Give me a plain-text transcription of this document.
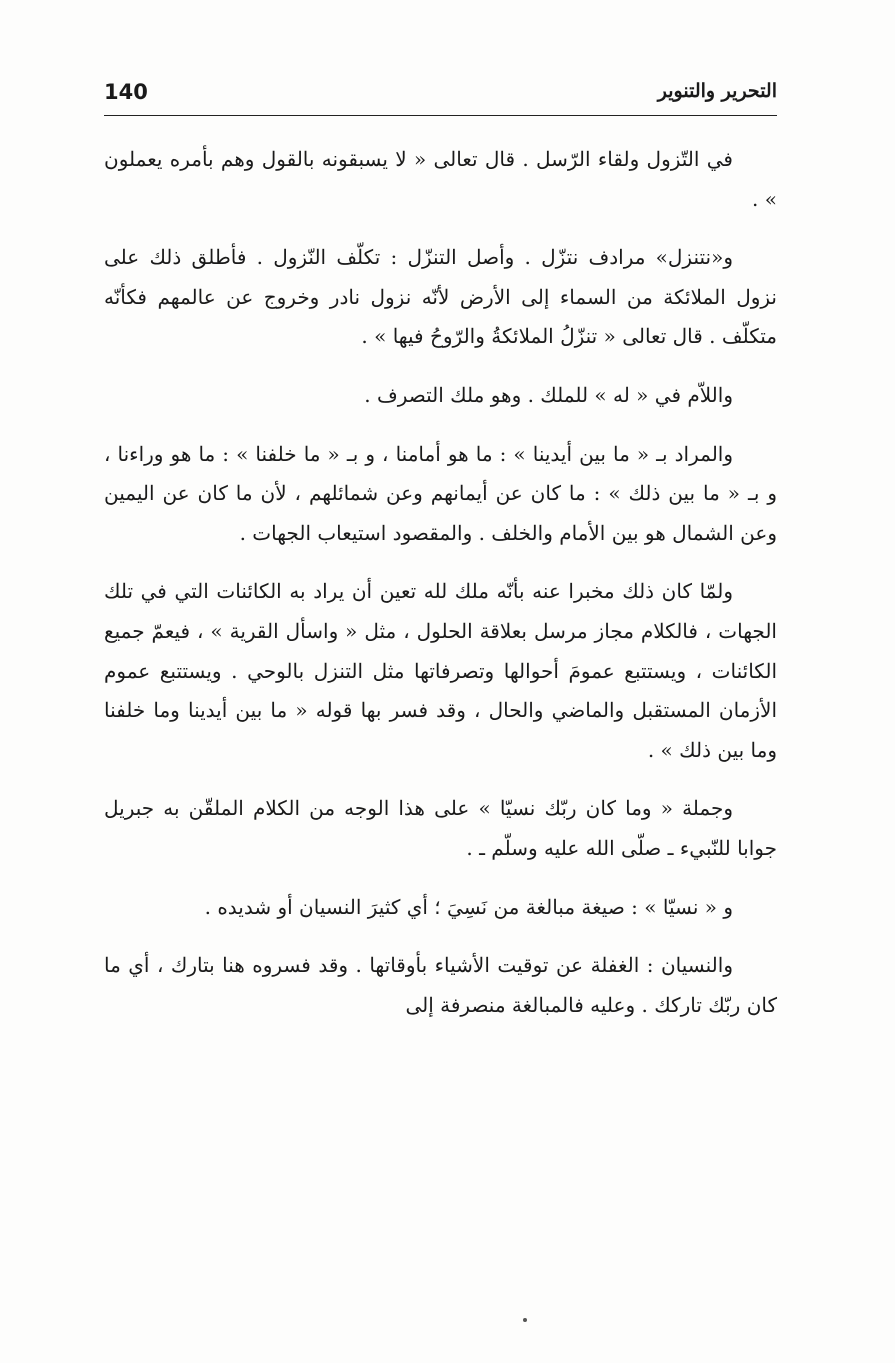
140	التحرير والتنوير

في التّزول ولقاء الرّسل . قال تعالى « لا يسبقونه بالقول وهم بأمره يعملون » .

و«نتنزل» مرادف نتزّل . وأصل التنزّل : تكلّف النّزول . فأطلق ذلك على نزول الملائكة من السماء إلى الأرض لأنّه نزول نادر وخروج عن عالمهم فكأنّه متكلّف . قال تعالى « تنزّلُ الملائكةُ والرّوحُ فيها » .

واللاّم في « له » للملك . وهو ملك التصرف .

والمراد بـ « ما بين أيدينا » : ما هو أمامنا ، و بـ « ما خلفنا » : ما هو وراءنا ، و بـ « ما بين ذلك » : ما كان عن أيمانهم وعن شمائلهم ، لأن ما كان عن اليمين وعن الشمال هو بين الأمام والخلف . والمقصود استيعاب الجهات .

ولمّا كان ذلك مخبرا عنه بأنّه ملك لله تعين أن يراد به الكائنات التي في تلك الجهات ، فالكلام مجاز مرسل بعلاقة الحلول ، مثل « واسأل القرية » ، فيعمّ جميع الكائنات ، ويستتبع عمومَ أحوالها وتصرفاتها مثل التنزل بالوحي . ويستتبع عموم الأزمان المستقبل والماضي والحال ، وقد فسر بها قوله « ما بين أيدينا وما خلفنا وما بين ذلك » .

وجملة « وما كان ربّك نسيّا » على هذا الوجه من الكلام الملقّن به جبريل جوابا للنّبيء ـ صلّى الله عليه وسلّم ـ .

و « نسيّا » : صيغة مبالغة من نَسِيَ ؛ أي كثيرَ النسيان أو شديده .

والنسيان : الغفلة عن توقيت الأشياء بأوقاتها . وقد فسروه هنا بتارك ، أي ما كان ربّك تاركك . وعليه فالمبالغة منصرفة إلى
